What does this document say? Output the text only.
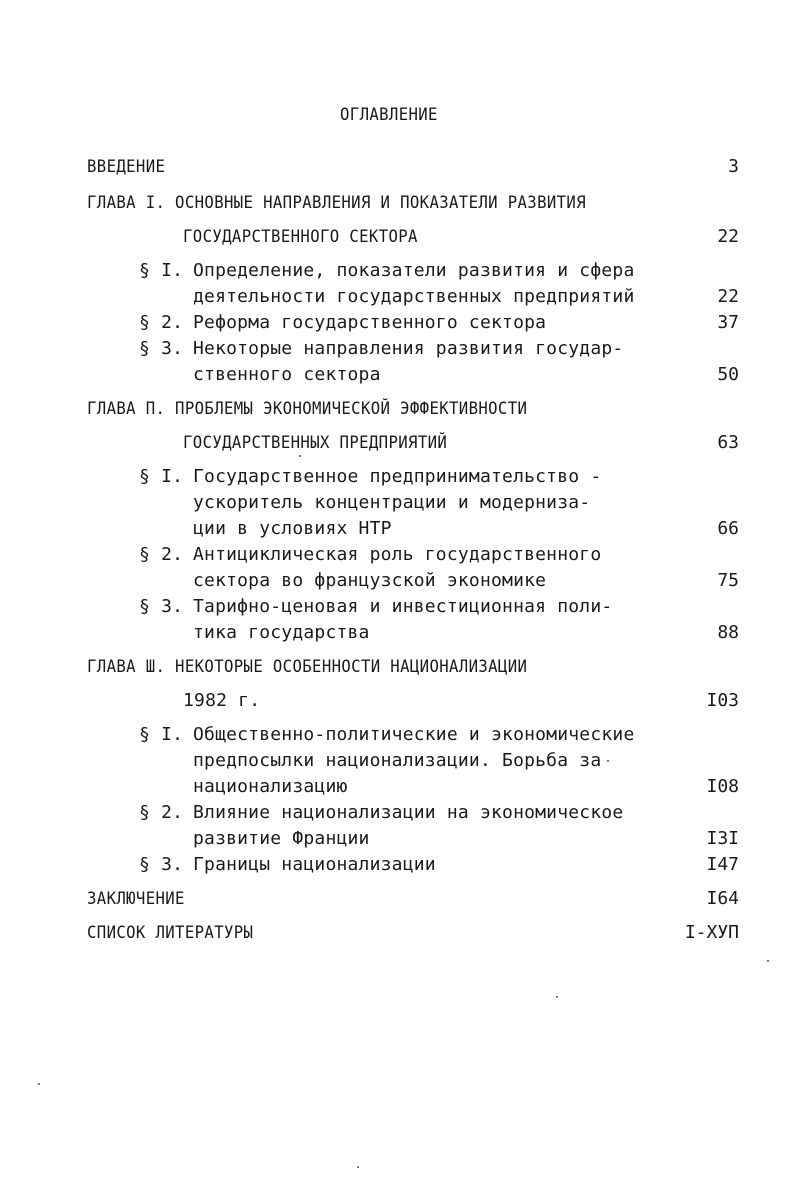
ОГЛАВЛЕНИЕ
ВВЕДЕНИЕ	3
ГЛАВА I. ОСНОВНЫЕ НАПРАВЛЕНИЯ И ПОКАЗАТЕЛИ РАЗВИТИЯ
ГОСУДАРСТВЕННОГО СЕКТОРА	22
§ I. Определение, показатели развития и сфера
деятельности государственных предприятий	22
§ 2. Реформа государственного сектора	37
§ 3. Некоторые направления развития государ-
ственного сектора	50
ГЛАВА П. ПРОБЛЕМЫ ЭКОНОМИЧЕСКОЙ ЭФФЕКТИВНОСТИ
ГОСУДАРСТВЕННЫХ ПРЕДПРИЯТИЙ	63
§ I. Государственное предпринимательство -
ускоритель концентрации и модерниза-
ции в условиях НТР	66
§ 2. Антициклическая роль государственного
сектора во французской экономике	75
§ 3. Тарифно-ценовая и инвестиционная поли-
тика государства	88
ГЛАВА Ш. НЕКОТОРЫЕ ОСОБЕННОСТИ НАЦИОНАЛИЗАЦИИ
1982 г.	I03
§ I. Общественно-политические и экономические
предпосылки национализации. Борьба за
национализацию	I08
§ 2. Влияние национализации на экономическое
развитие Франции	I3I
§ 3. Границы национализации	I47
ЗАКЛЮЧЕНИЕ	I64
СПИСОК ЛИТЕРАТУРЫ	I-ХУП
